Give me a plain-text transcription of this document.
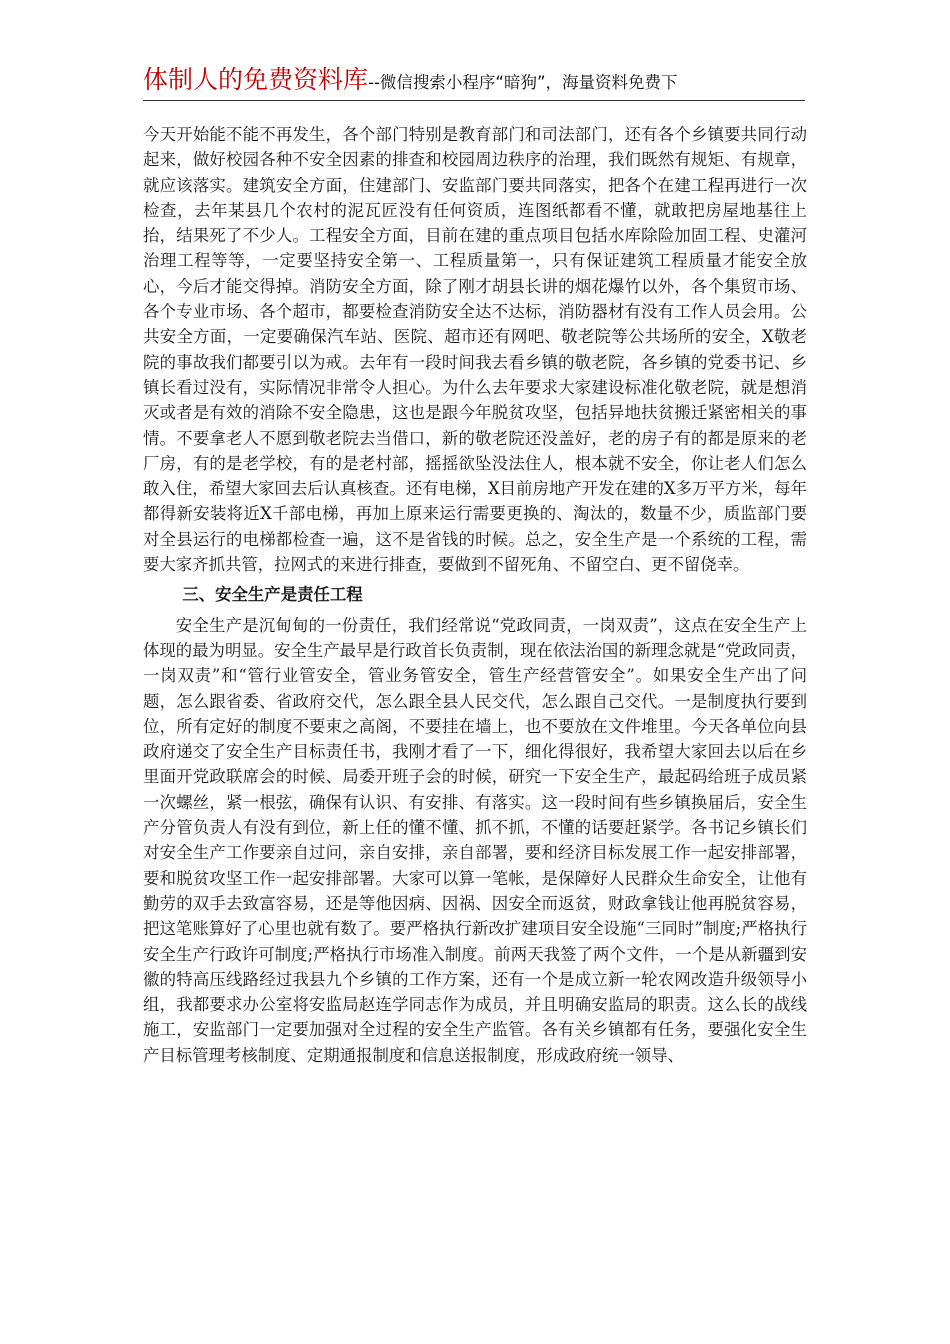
体制人的免费资料库--微信搜索小程序“暗狗”，海量资料免费下

今天开始能不能不再发生，各个部门特别是教育部门和司法部门，还有各个乡镇要共同行动起来，做好校园各种不安全因素的排查和校园周边秩序的治理，我们既然有规矩、有规章，就应该落实。建筑安全方面，住建部门、安监部门要共同落实，把各个在建工程再进行一次检查，去年某县几个农村的泥瓦匠没有任何资质，连图纸都看不懂，就敢把房屋地基往上抬，结果死了不少人。工程安全方面，目前在建的重点项目包括水库除险加固工程、史灌河治理工程等等，一定要坚持安全第一、工程质量第一，只有保证建筑工程质量才能安全放心，今后才能交得掉。消防安全方面，除了刚才胡县长讲的烟花爆竹以外，各个集贸市场、各个专业市场、各个超市，都要检查消防安全达不达标，消防器材有没有工作人员会用。公共安全方面，一定要确保汽车站、医院、超市还有网吧、敬老院等公共场所的安全，X敬老院的事故我们都要引以为戒。去年有一段时间我去看乡镇的敬老院，各乡镇的党委书记、乡镇长看过没有，实际情况非常令人担心。为什么去年要求大家建设标准化敬老院，就是想消灭或者是有效的消除不安全隐患，这也是跟今年脱贫攻坚，包括异地扶贫搬迁紧密相关的事情。不要拿老人不愿到敬老院去当借口，新的敬老院还没盖好，老的房子有的都是原来的老厂房，有的是老学校，有的是老村部，摇摇欲坠没法住人，根本就不安全，你让老人们怎么敢入住，希望大家回去后认真核查。还有电梯，X目前房地产开发在建的X多万平方米，每年都得新安装将近X千部电梯，再加上原来运行需要更换的、淘汰的，数量不少，质监部门要对全县运行的电梯都检查一遍，这不是省钱的时候。总之，安全生产是一个系统的工程，需要大家齐抓共管，拉网式的来进行排查，要做到不留死角、不留空白、更不留侥幸。

三、安全生产是责任工程

安全生产是沉甸甸的一份责任，我们经常说“党政同责，一岗双责”，这点在安全生产上体现的最为明显。安全生产最早是行政首长负责制，现在依法治国的新理念就是“党政同责，一岗双责”和“管行业管安全，管业务管安全，管生产经营管安全”。如果安全生产出了问题，怎么跟省委、省政府交代，怎么跟全县人民交代，怎么跟自己交代。一是制度执行要到位，所有定好的制度不要束之高阁，不要挂在墙上，也不要放在文件堆里。今天各单位向县政府递交了安全生产目标责任书，我刚才看了一下，细化得很好，我希望大家回去以后在乡里面开党政联席会的时候、局委开班子会的时候，研究一下安全生产，最起码给班子成员紧一次螺丝，紧一根弦，确保有认识、有安排、有落实。这一段时间有些乡镇换届后，安全生产分管负责人有没有到位，新上任的懂不懂、抓不抓，不懂的话要赶紧学。各书记乡镇长们对安全生产工作要亲自过问，亲自安排，亲自部署，要和经济目标发展工作一起安排部署，要和脱贫攻坚工作一起安排部署。大家可以算一笔帐，是保障好人民群众生命安全，让他有勤劳的双手去致富容易，还是等他因病、因祸、因安全而返贫，财政拿钱让他再脱贫容易，把这笔账算好了心里也就有数了。要严格执行新改扩建项目安全设施“三同时”制度;严格执行安全生产行政许可制度;严格执行市场准入制度。前两天我签了两个文件，一个是从新疆到安徽的特高压线路经过我县九个乡镇的工作方案，还有一个是成立新一轮农网改造升级领导小组，我都要求办公室将安监局赵连学同志作为成员，并且明确安监局的职责。这么长的战线施工，安监部门一定要加强对全过程的安全生产监管。各有关乡镇都有任务，要强化安全生产目标管理考核制度、定期通报制度和信息送报制度，形成政府统一领导、
